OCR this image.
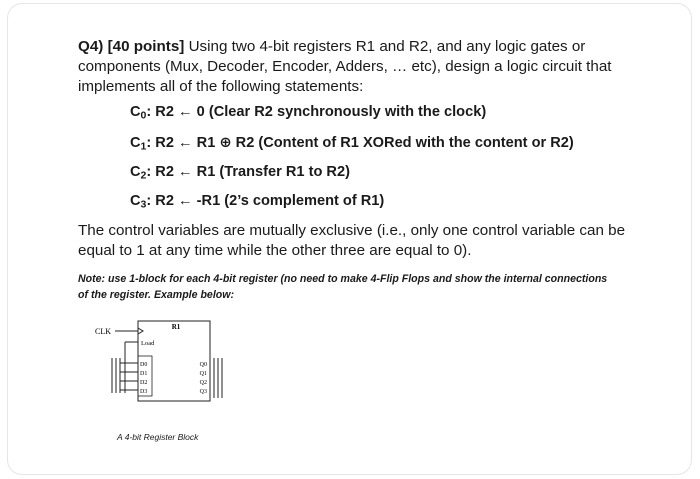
Q4) [40 points] Using two 4-bit registers R1 and R2, and any logic gates or
components (Mux, Decoder, Encoder, Adders, … etc), design a logic circuit that
implements all of the following statements:
$C_0$: R2 ← 0 (Clear R2 synchronously with the clock)
$C_1$: R2 ← R1 ⊕ R2 (Content of R1 XORed with the content or R2)
$C_2$: R2 ← R1 (Transfer R1 to R2)
$C_3$: R2 ← -R1 (2’s complement of R1)
The control variables are mutually exclusive (i.e., only one control variable can be
equal to 1 at any time while the other three are equal to 0).
Note: use 1-block for each 4-bit register (no need to make 4-Flip Flops and show the internal connections
of the register. Example below:
R1
CLK
Load
D0
D1
D2
D3
Q0
Q1
Q2
Q3
A 4-bit Register Block
